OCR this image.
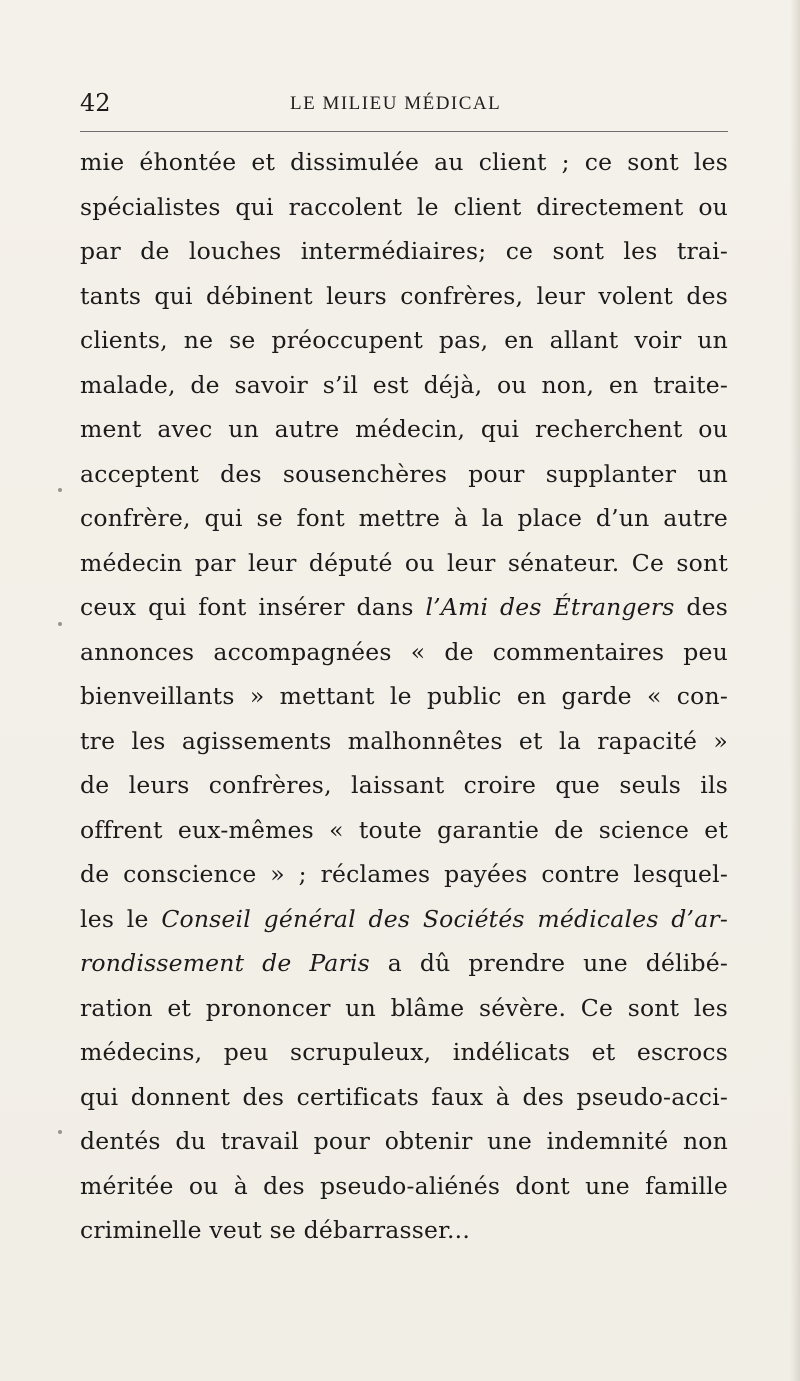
42	LE MILIEU MÉDICAL
mie éhontée et dissimulée au client ; ce sont les
spécialistes qui raccolent le client directement ou
par de louches intermédiaires; ce sont les trai-
tants qui débinent leurs confrères, leur volent des
clients, ne se préoccupent pas, en allant voir un
malade, de savoir s’il est déjà, ou non, en traite-
ment avec un autre médecin, qui recherchent ou
acceptent des sousenchères pour supplanter un
confrère, qui se font mettre à la place d’un autre
médecin par leur député ou leur sénateur. Ce sont
ceux qui font insérer dans l’Ami des Étrangers des
annonces accompagnées « de commentaires peu
bienveillants » mettant le public en garde « con-
tre les agissements malhonnêtes et la rapacité »
de leurs confrères, laissant croire que seuls ils
offrent eux-mêmes « toute garantie de science et
de conscience » ; réclames payées contre lesquel-
les le Conseil général des Sociétés médicales d’ar-
rondissement de Paris a dû prendre une délibé-
ration et prononcer un blâme sévère. Ce sont les
médecins, peu scrupuleux, indélicats et escrocs
qui donnent des certificats faux à des pseudo-acci-
dentés du travail pour obtenir une indemnité non
méritée ou à des pseudo-aliénés dont une famille
criminelle veut se débarrasser...
